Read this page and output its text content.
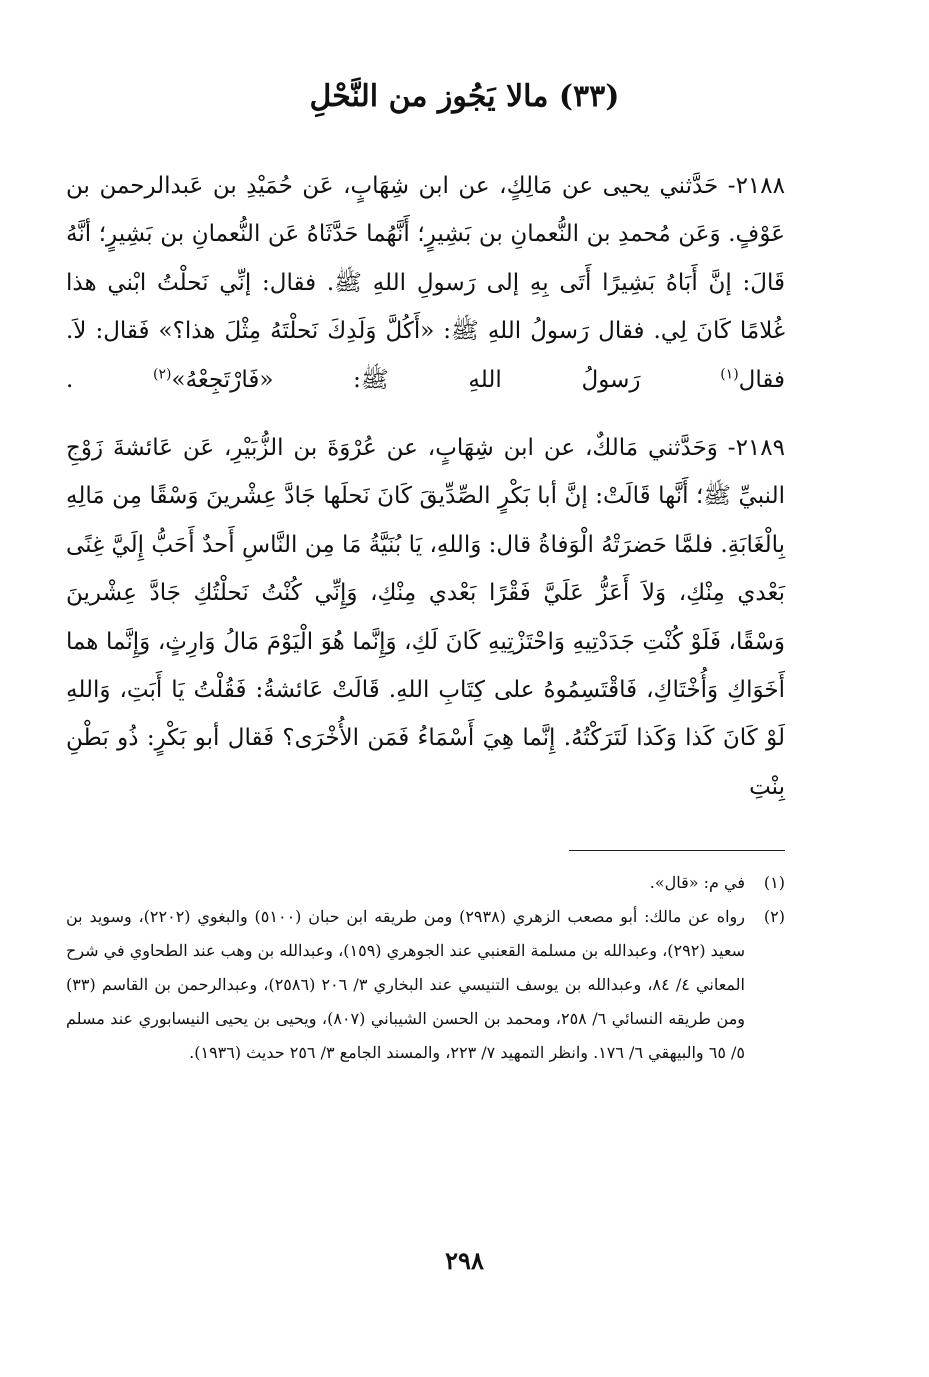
(٣٣) مالا يَجُوز من النَّحْلِ

٢١٨٨- حَدَّثني يحيى عن مَالِكٍ، عن ابن شِهَابٍ، عَن حُمَيْدِ بن عَبدالرحمن بن عَوْفٍ. وَعَن مُحمدِ بن النُّعمانِ بن بَشِيرٍ؛ أَنَّهُما حَدَّثَاهُ عَن النُّعمانِ بن بَشِيرٍ؛ أنَّهُ قَالَ: إنَّ أَبَاهُ بَشِيرًا أَتَى بِهِ إلى رَسولِ اللهِ ﷺ. فقال: إنِّي نَحلْتُ ابْني هذا غُلامًا كَانَ لِي. فقال رَسولُ اللهِ ﷺ: «أَكُلَّ وَلَدِكَ نَحلْتَهُ مِثْلَ هذا؟» فَقال: لاَ. فقال$^{(١)}$ رَسولُ اللهِ ﷺ: «فَارْتَجِعْهُ»$^{(٢)}$ .

٢١٨٩- وَحَدَّثني مَالكٌ، عن ابن شِهَابٍ، عن عُرْوَةَ بن الزُّبَيْرِ، عَن عَائشةَ زَوْجِ النبيِّ ﷺ؛ أَنَّها قَالَتْ: إنَّ أبا بَكْرٍ الصِّدِّيقَ كَانَ نَحلَها جَادَّ عِشْرينَ وَسْقًا مِن مَالِهِ بِالْغَابَةِ. فلمَّا حَضرَتْهُ الْوَفاةُ قال: وَاللهِ، يَا بُنَيَّةُ مَا مِن النَّاسِ أَحدٌ أَحَبُّ إِلَيَّ غِنًى بَعْدي مِنْكِ، وَلاَ أَعَزُّ عَلَيَّ فَقْرًا بَعْدي مِنْكِ، وَإِنِّي كُنْتُ نَحلْتُكِ جَادَّ عِشْرينَ وَسْقًا، فَلَوْ كُنْتِ جَدَدْتِيهِ وَاحْتَزْتِيهِ كَانَ لَكِ، وَإِنَّما هُوَ الْيَوْمَ مَالُ وَارِثٍ، وَإِنَّما هما أَخَوَاكِ وَأُخْتَاكِ، فَاقْتَسِمُوهُ على كِتَابِ اللهِ. قَالَتْ عَائشةُ: فَقُلْتُ يَا أَبَتِ، وَاللهِ لَوْ كَانَ كَذا وَكَذا لَتَرَكْتُهُ. إِنَّما هِيَ أَسْمَاءُ فَمَن الأُخْرَى؟ فَقال أبو بَكْرٍ: ذُو بَطْنِ بِنْتِ

(١)
في م: «قال».
(٢)
رواه عن مالك: أبو مصعب الزهري (٢٩٣٨) ومن طريقه ابن حبان (٥١٠٠) والبغوي (٢٢٠٢)، وسويد بن سعيد (٢٩٢)، وعبدالله بن مسلمة القعنبي عند الجوهري (١٥٩)، وعبدالله بن وهب عند الطحاوي في شرح المعاني ٤/ ٨٤، وعبدالله بن يوسف التنيسي عند البخاري ٣/ ٢٠٦ (٢٥٨٦)، وعبدالرحمن بن القاسم (٣٣) ومن طريقه النسائي ٦/ ٢٥٨، ومحمد بن الحسن الشيباني (٨٠٧)، ويحيى بن يحيى النيسابوري عند مسلم ٥/ ٦٥ والبيهقي ٦/ ١٧٦. وانظر التمهيد ٧/ ٢٢٣، والمسند الجامع ٣/ ٢٥٦ حديث (١٩٣٦).

٢٩٨
